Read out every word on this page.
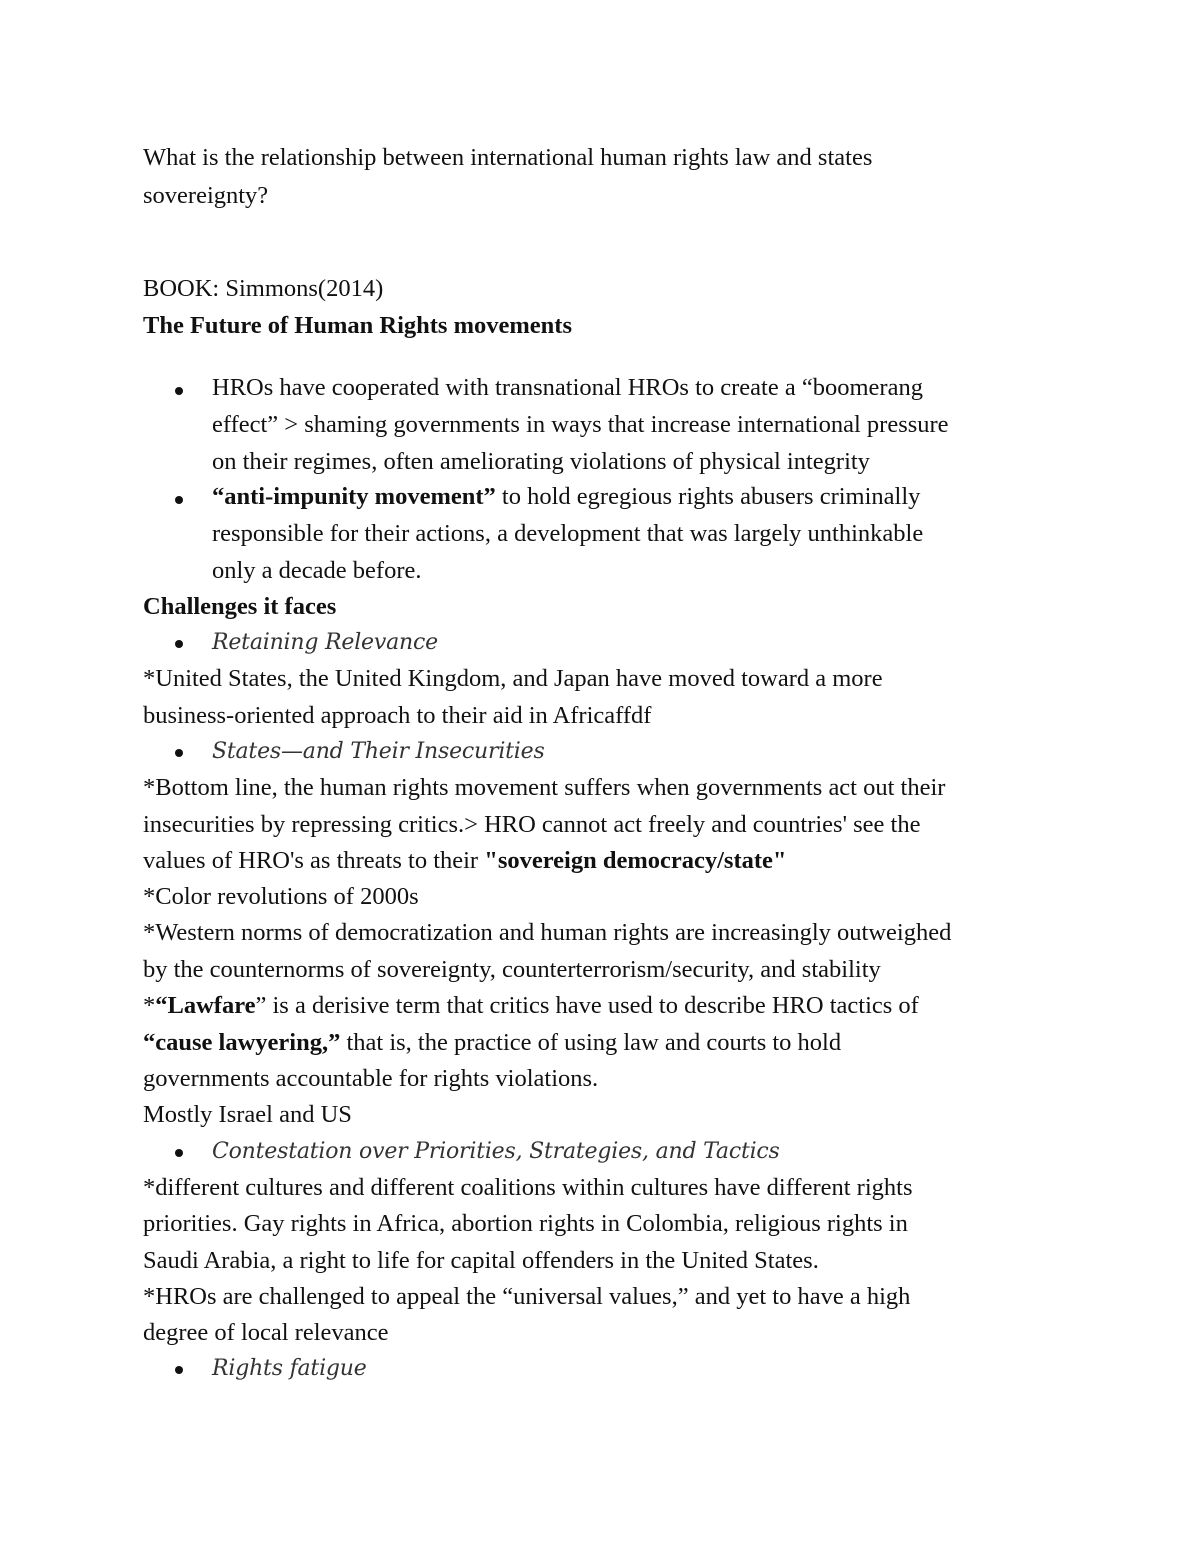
What is the relationship between international human rights law and states
sovereignty?
BOOK: Simmons(2014)
The Future of Human Rights movements
HROs have cooperated with transnational HROs to create a “boomerang
effect” > shaming governments in ways that increase international pressure
on their regimes, often ameliorating violations of physical integrity
“anti-impunity movement” to hold egregious rights abusers criminally
responsible for their actions, a development that was largely unthinkable
only a decade before.
Challenges it faces
Retaining Relevance
*United States, the United Kingdom, and Japan have moved toward a more
business-oriented approach to their aid in Africaffdf
States—and Their Insecurities
*Bottom line, the human rights movement suffers when governments act out their
insecurities by repressing critics.> HRO cannot act freely and countries' see the
values of HRO's as threats to their "sovereign democracy/state"
*Color revolutions of 2000s
*Western norms of democratization and human rights are increasingly outweighed
by the counternorms of sovereignty, counterterrorism/security, and stability
*“Lawfare” is a derisive term that critics have used to describe HRO tactics of
“cause lawyering,” that is, the practice of using law and courts to hold
governments accountable for rights violations.
Mostly Israel and US
Contestation over Priorities, Strategies, and Tactics
*different cultures and different coalitions within cultures have different rights
priorities. Gay rights in Africa, abortion rights in Colombia, religious rights in
Saudi Arabia, a right to life for capital offenders in the United States.
*HROs are challenged to appeal the “universal values,” and yet to have a high
degree of local relevance
Rights fatigue
